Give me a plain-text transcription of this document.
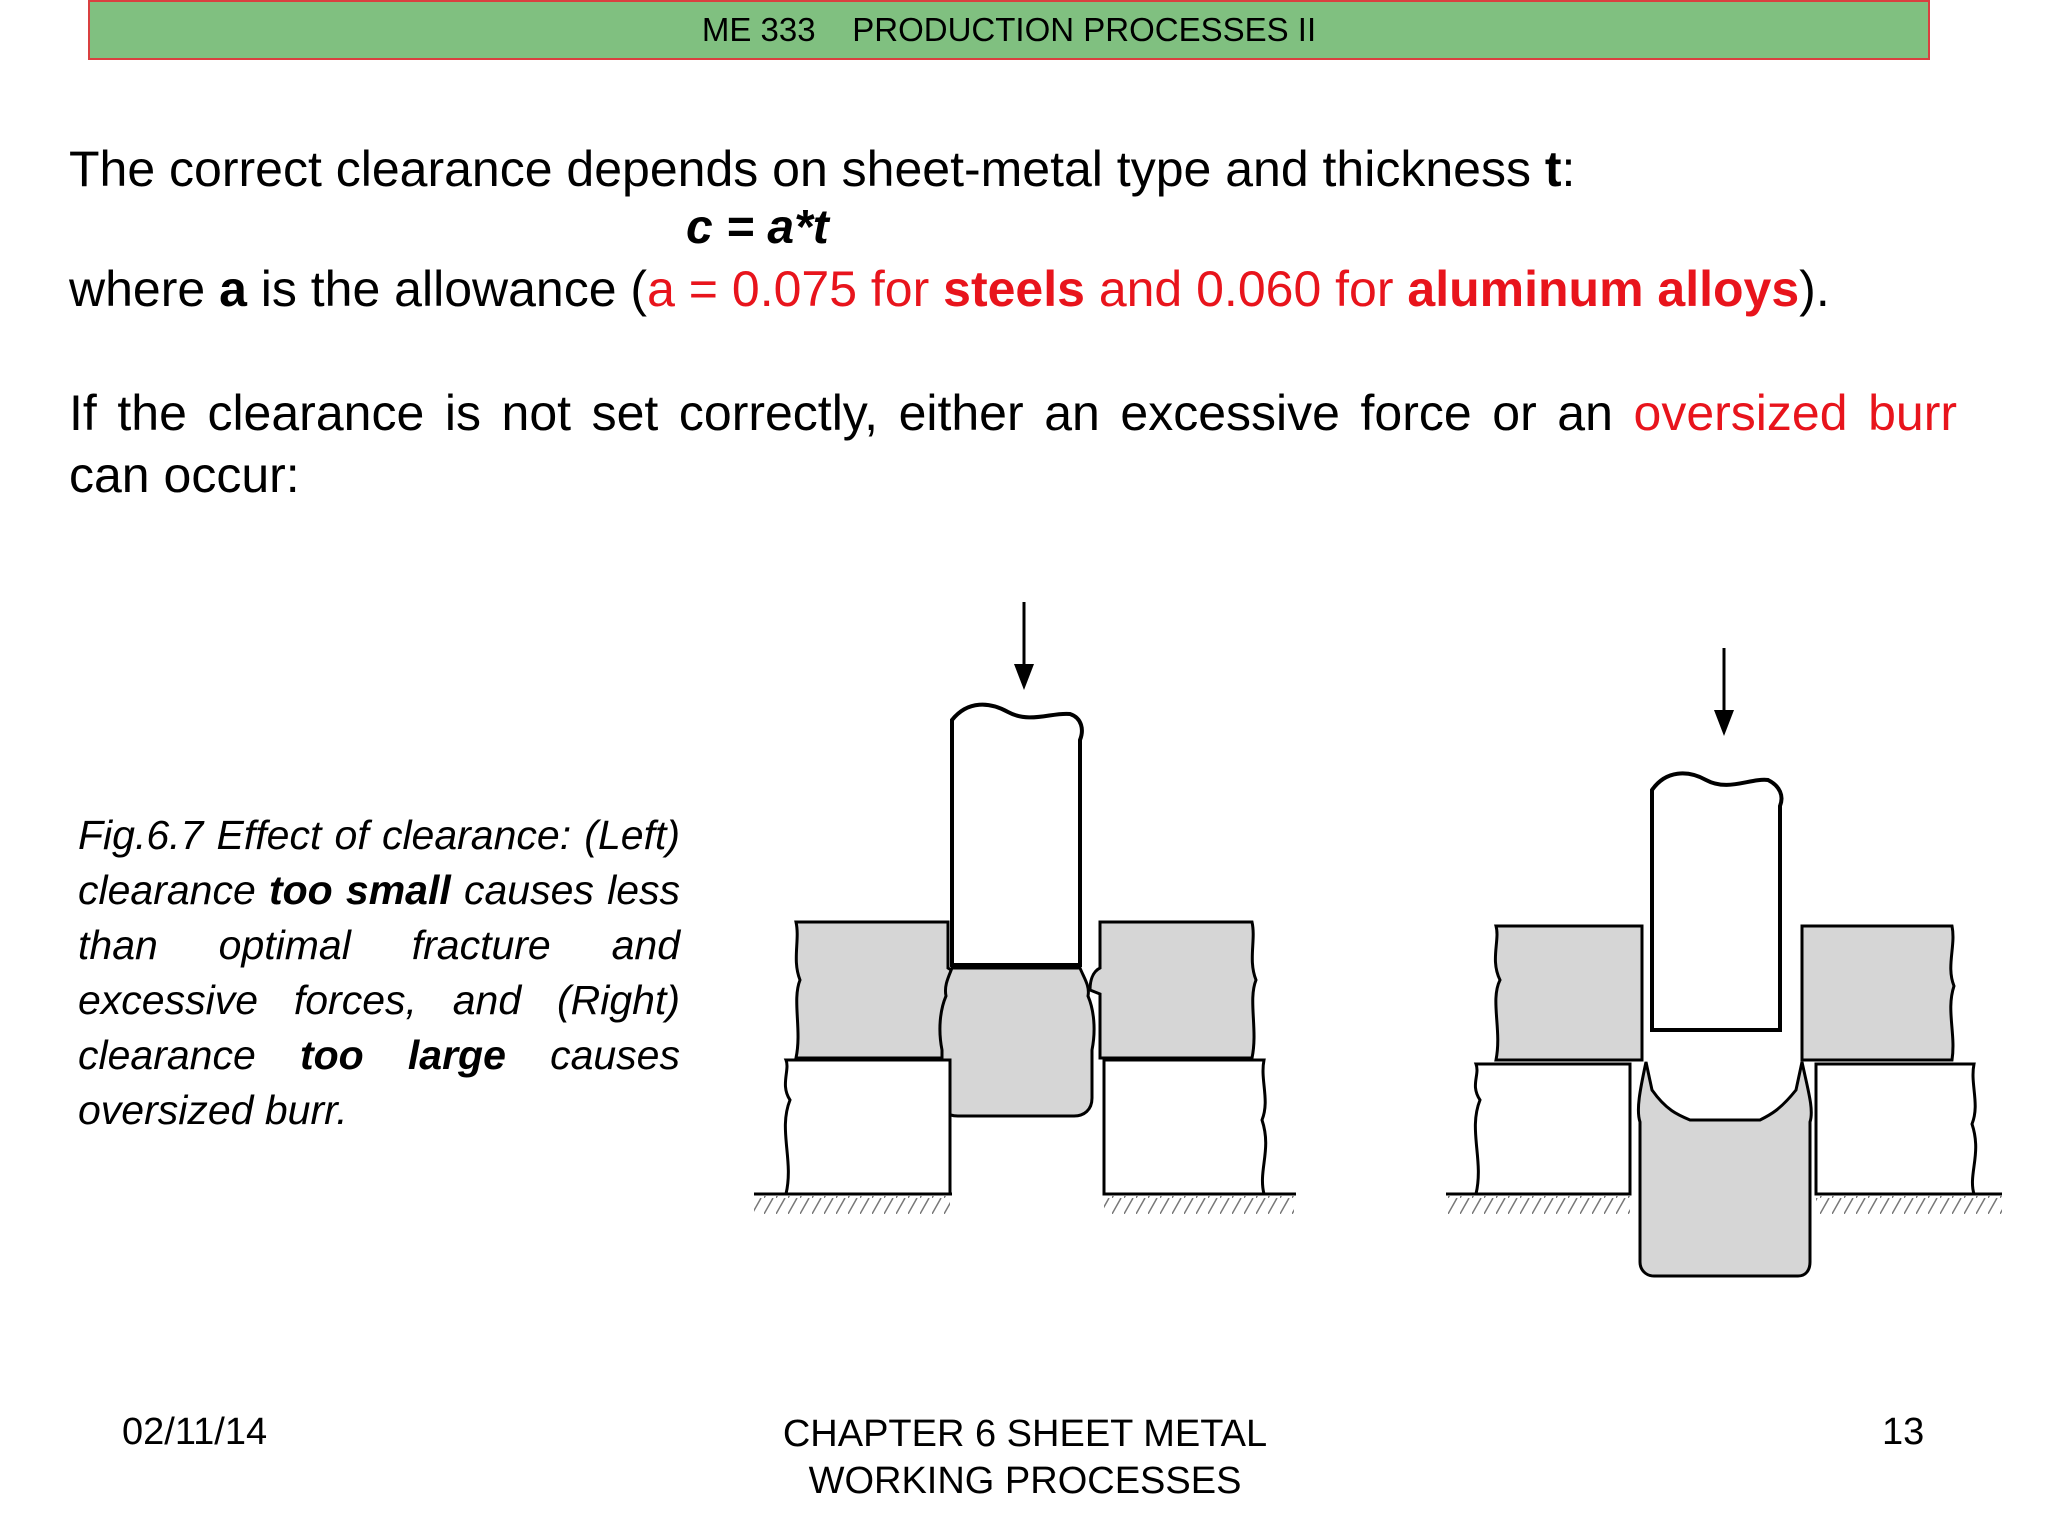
ME 333    PRODUCTION PROCESSES II
The correct clearance depends on sheet-metal type and thickness t:
c = a*t
where a is the allowance (a = 0.075 for steels and 0.060 for aluminum alloys).
If the clearance is not set correctly, either an excessive force or an oversized burr can occur:
Fig.6.7 Effect of clearance: (Left) clearance too small causes less than optimal fracture and excessive forces, and (Right) clearance too large causes oversized burr.
02/11/14	CHAPTER 6 SHEET METAL
WORKING PROCESSES
13
